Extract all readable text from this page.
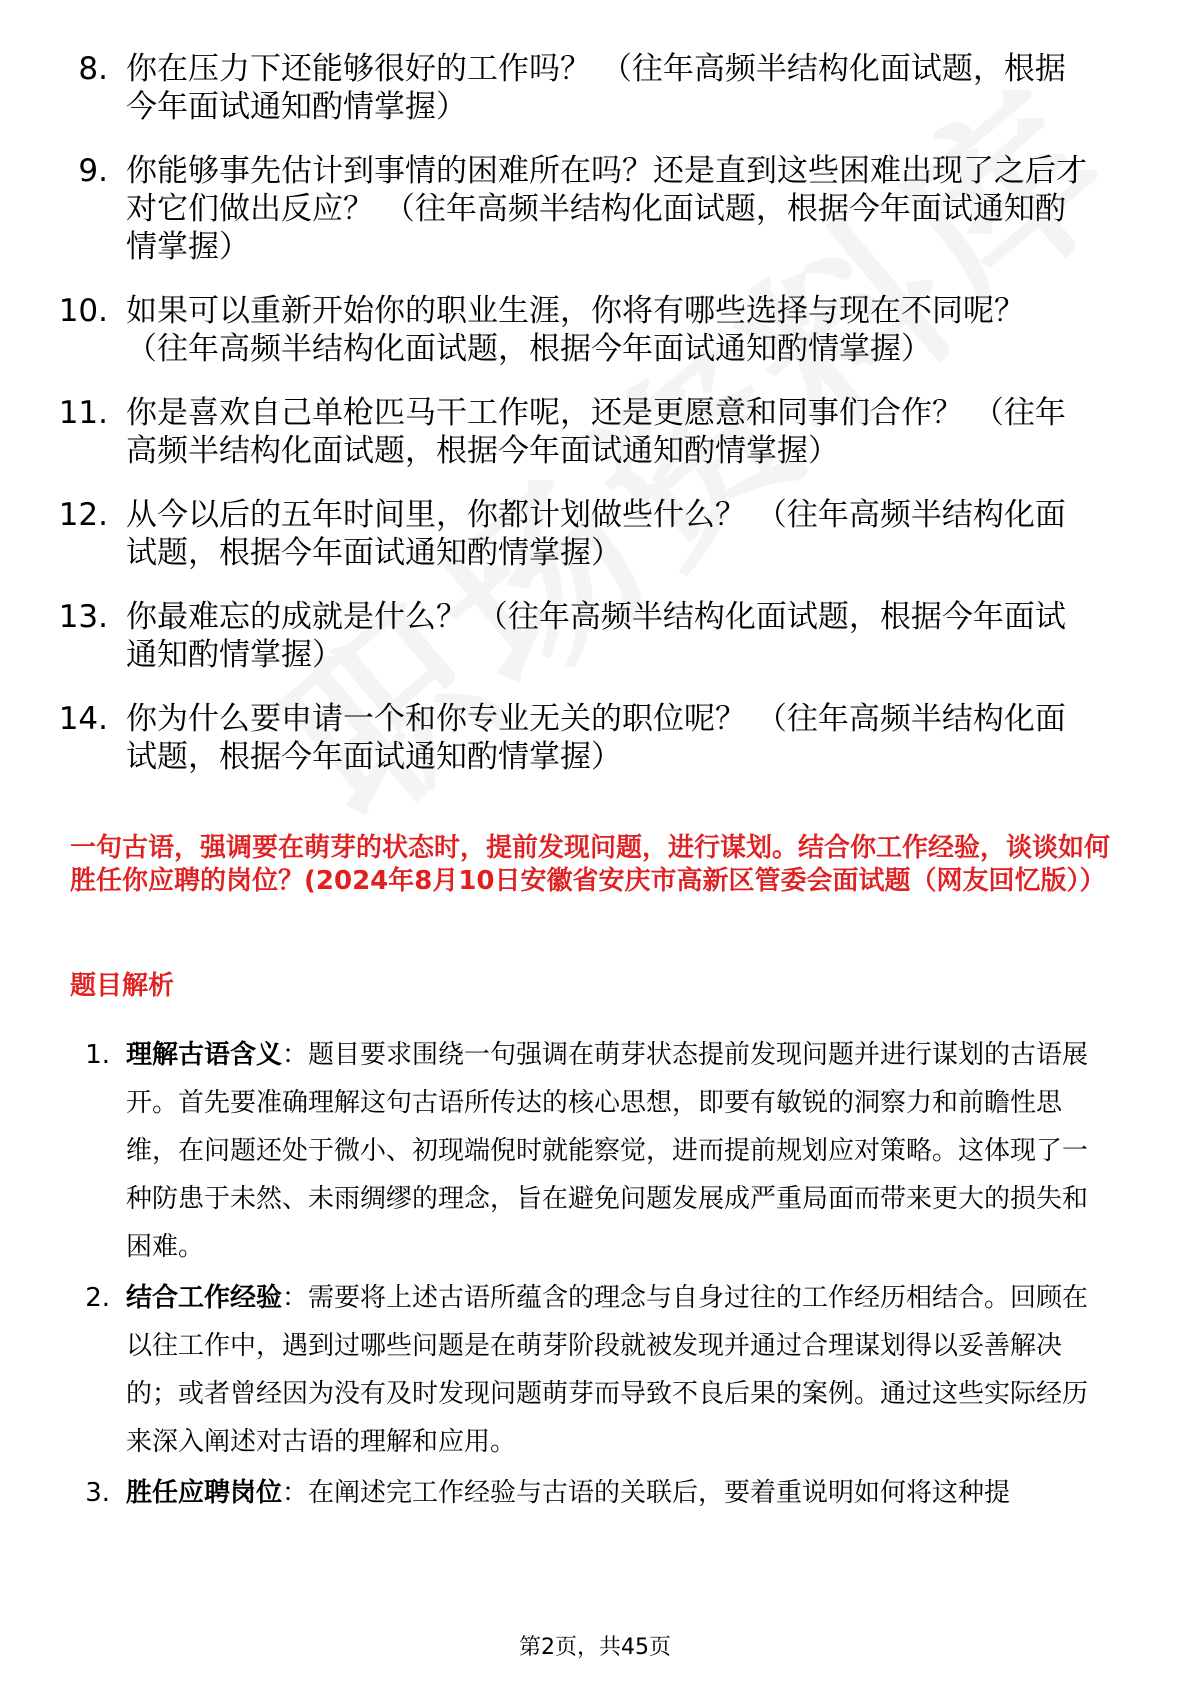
8. 你在压力下还能够很好的工作吗？ （往年高频半结构化面试题，根据今年面试通知酌情掌握）
9. 你能够事先估计到事情的困难所在吗？还是直到这些困难出现了之后才对它们做出反应？ （往年高频半结构化面试题，根据今年面试通知酌情掌握）
10. 如果可以重新开始你的职业生涯，你将有哪些选择与现在不同呢？ （往年高频半结构化面试题，根据今年面试通知酌情掌握）
11. 你是喜欢自己单枪匹马干工作呢，还是更愿意和同事们合作？ （往年高频半结构化面试题，根据今年面试通知酌情掌握）
12. 从今以后的五年时间里，你都计划做些什么？ （往年高频半结构化面试题，根据今年面试通知酌情掌握）
13. 你最难忘的成就是什么？ （往年高频半结构化面试题，根据今年面试通知酌情掌握）
14. 你为什么要申请一个和你专业无关的职位呢？ （往年高频半结构化面试题，根据今年面试通知酌情掌握）
一句古语，强调要在萌芽的状态时，提前发现问题，进行谋划。结合你工作经验，谈谈如何胜任你应聘的岗位？(2024年8月10日安徽省安庆市高新区管委会面试题（网友回忆版））
题目解析
1. 理解古语含义：题目要求围绕一句强调在萌芽状态提前发现问题并进行谋划的古语展开。首先要准确理解这句古语所传达的核心思想，即要有敏锐的洞察力和前瞻性思维，在问题还处于微小、初现端倪时就能察觉，进而提前规划应对策略。这体现了一种防患于未然、未雨绸缪的理念，旨在避免问题发展成严重局面而带来更大的损失和困难。
2. 结合工作经验：需要将上述古语所蕴含的理念与自身过往的工作经历相结合。回顾在以往工作中，遇到过哪些问题是在萌芽阶段就被发现并通过合理谋划得以妥善解决的；或者曾经因为没有及时发现问题萌芽而导致不良后果的案例。通过这些实际经历来深入阐述对古语的理解和应用。
3. 胜任应聘岗位：在阐述完工作经验与古语的关联后，要着重说明如何将这种提
第2页，共45页
